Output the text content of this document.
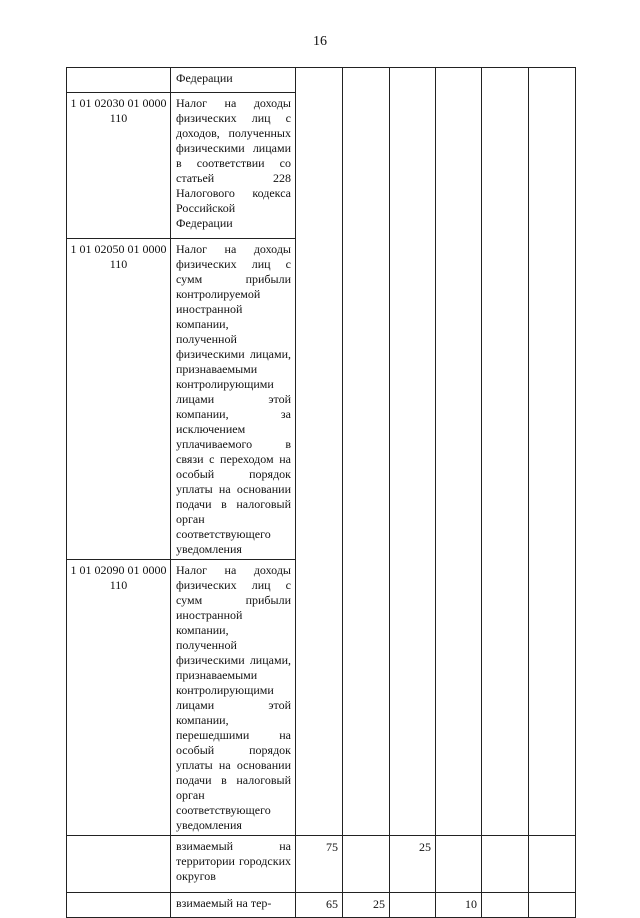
16
	Федерации						
1 01 02030 01 0000 110	Налог на доходы физических лиц с доходов, полученных физическими лицами в соответствии со статьей 228 Налогового кодекса Российской Федерации						
1 01 02050 01 0000 110	Налог на доходы физических лиц с сумм прибыли контролируемой иностранной компании, полученной физическими лицами, признаваемыми контролирующими лицами этой компании, за исключением уплачиваемого в связи с переходом на особый порядок уплаты на основании подачи в налоговый орган соответствующего уведомления						
1 01 02090 01 0000 110	Налог на доходы физических лиц с сумм прибыли иностранной компании, полученной физическими лицами, признаваемыми контролирующими лицами этой компании, перешедшими на особый порядок уплаты на основании подачи в налоговый орган соответствующего уведомления						
	взимаемый на территории городских округов	75		25			
	взимаемый на тер-	65	25		10		
